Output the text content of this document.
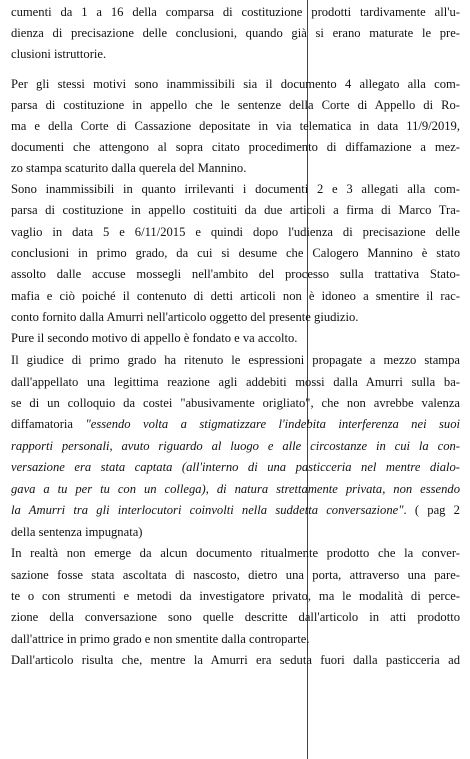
cumenti da 1 a 16 della comparsa di costituzione prodotti tardivamente all'u-
dienza di precisazione delle conclusioni, quando già si erano maturate le pre-
clusioni istruttorie.
Per gli stessi motivi sono inammissibili sia il documento 4 allegato alla com-
parsa di costituzione in appello che le sentenze della Corte di Appello di Ro-
ma e della Corte di Cassazione depositate in via telematica in data 11/9/2019,
documenti che attengono al sopra citato procedimento di diffamazione a mez-
zo stampa scaturito dalla querela del Mannino.
Sono inammissibili in quanto irrilevanti i documenti 2 e 3 allegati alla com-
parsa di costituzione in appello costituiti da due articoli a firma di Marco Tra-
vaglio in data 5 e 6/11/2015 e quindi dopo l'udienza di precisazione delle
conclusioni in primo grado, da cui si desume che Calogero Mannino è stato
assolto dalle accuse mossegli nell'ambito del processo sulla trattativa Stato-
mafia e ciò poiché il contenuto di detti articoli non è idoneo a smentire il rac-
conto fornito dalla Amurri nell'articolo oggetto del presente giudizio.
Pure il secondo motivo di appello è fondato e va accolto.
Il giudice di primo grado ha ritenuto le espressioni propagate a mezzo stampa
dall'appellato una legittima reazione agli addebiti mossi dalla Amurri sulla ba-
se di un colloquio da costei "abusivamente origliato", che non avrebbe valenza
diffamatoria "essendo volta a stigmatizzare l'indebita interferenza nei suoi
rapporti personali, avuto riguardo al luogo e alle circostanze in cui la con-
versazione era stata captata (all'interno di una pasticceria nel mentre dialo-
gava a tu per tu con un collega), di natura strettamente privata, non essendo
la Amurri tra gli interlocutori coinvolti nella suddetta conversazione". ( pag 2
della sentenza impugnata)
In realtà non emerge da alcun documento ritualmente prodotto che la conver-
sazione fosse stata ascoltata di nascosto, dietro una porta, attraverso una pare-
te o con strumenti e metodi da investigatore privato, ma le modalità di perce-
zione della conversazione sono quelle descritte dall'articolo in atti prodotto
dall'attrice in primo grado e non smentite dalla controparte.
Dall'articolo risulta che, mentre la Amurri era seduta fuori dalla pasticceria ad
